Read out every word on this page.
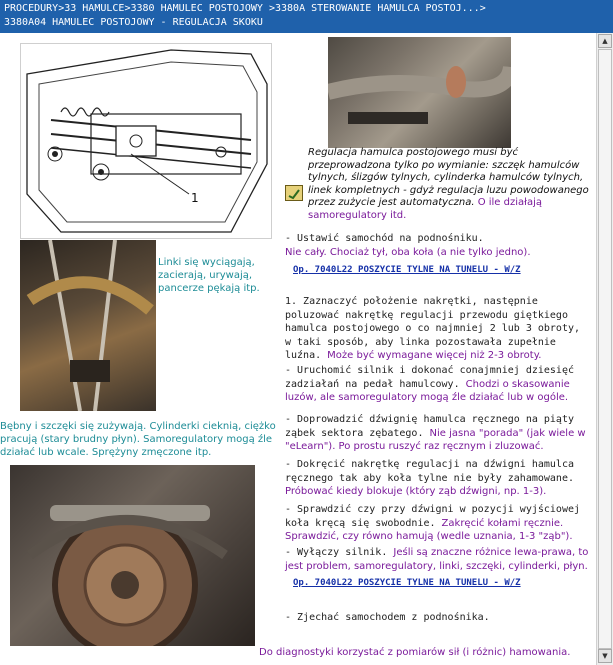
PROCEDURY>33 HAMULCE>3380 HAMULEC POSTOJOWY >3380A STEROWANIE HAMULCA POSTOJ...>
3380A04 HAMULEC POSTOJOWY - REGULACJA SKOKU
1
Regulacja hamulca postojowego musi być przeprowadzona tylko po wymianie: szczęk hamulców tylnych, ślizgów tylnych, cylinderka hamulców tylnych, linek kompletnych - gdyż regulacja luzu powodowanego przez zużycie jest automatyczna. O ile działają samoregulatory itd.
Linki się wyciągają, zacierają, urywają, pancerze pękają itp.
Bębny i szczęki się zużywają. Cylinderki cieknią, ciężko pracują (stary brudny płyn). Samoregulatory mogą źle działać lub wcale. Sprężyny zmęczone itp.
- Ustawić samochód na podnośniku.
Nie cały. Chociaż tył, oba koła (a nie tylko jedno).
Op. 7040L22 POSZYCIE TYLNE NA TUNELU - W/Z
1. Zaznaczyć położenie nakrętki, następnie poluzować nakrętkę regulacji przewodu giętkiego hamulca postojowego o co najmniej 2 lub 3 obroty, w taki sposób, aby linka pozostawała zupełnie luźna. Może być wymagane więcej niż 2-3 obroty.
- Uruchomić silnik i dokonać conajmniej dziesięć zadziałań na pedał hamulcowy. Chodzi o skasowanie luzów, ale samoregulatory mogą źle działać lub w ogóle.
- Doprowadzić dźwignię hamulca ręcznego na piąty ząbek sektora zębatego. Nie jasna "porada" (jak wiele w "eLearn"). Po prostu ruszyć raz ręcznym i zluzować.
- Dokręcić nakrętkę regulacji na dźwigni hamulca ręcznego tak aby koła tylne nie były zahamowane.
Próbować kiedy blokuje (który ząb dźwigni, np. 1-3).
- Sprawdzić czy przy dźwigni w pozycji wyjściowej koła kręcą się swobodnie. Zakręcić kołami ręcznie. Sprawdzić, czy równo hamują (wedle uznania, 1-3 "ząb").
- Wyłączy silnik. Jeśli są znaczne różnice lewa-prawa, to jest problem, samoregulatory, linki, szczęki, cylinderki, płyn.
Op. 7040L22 POSZYCIE TYLNE NA TUNELU - W/Z
- Zjechać samochodem z podnośnika.
Do diagnostyki korzystać z pomiarów sił (i różnic) hamowania.
▲
▼
